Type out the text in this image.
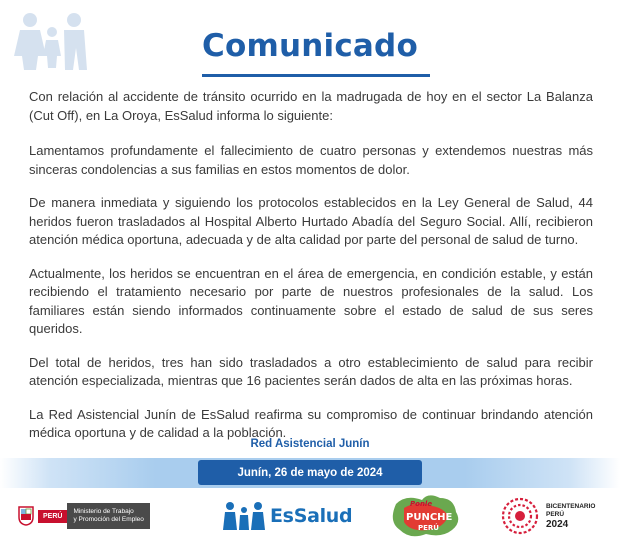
Comunicado

Con relación al accidente de tránsito ocurrido en la madrugada de hoy en el sector La Balanza (Cut Off), en La Oroya, EsSalud informa lo siguiente:

Lamentamos profundamente el fallecimiento de cuatro personas y extendemos nuestras más sinceras condolencias a sus familias en estos momentos de dolor.

De manera inmediata y siguiendo los protocolos establecidos en la Ley General de Salud, 44 heridos fueron trasladados al Hospital Alberto Hurtado Abadía del Seguro Social. Allí, recibieron atención médica oportuna, adecuada y de alta calidad por parte del personal de salud de turno.

Actualmente, los heridos se encuentran en el área de emergencia, en condición estable, y están recibiendo el tratamiento necesario por parte de nuestros profesionales de la salud. Los familiares están siendo informados continuamente sobre el estado de salud de sus seres queridos.

Del total de heridos, tres han sido trasladados a otro establecimiento de salud para recibir atención especializada, mientras que 16 pacientes serán dados de alta en las próximas horas.

La Red Asistencial Junín de EsSalud reafirma su compromiso de continuar brindando atención médica oportuna y de calidad a la población.

Red Asistencial Junín
Junín, 26 de mayo de 2024
PERÚ
Ministerio de Trabajo
y Promoción del Empleo	EsSalud
Ponle
PUNCHE
PERÚ
BICENTENARIO
PERÚ
2024
